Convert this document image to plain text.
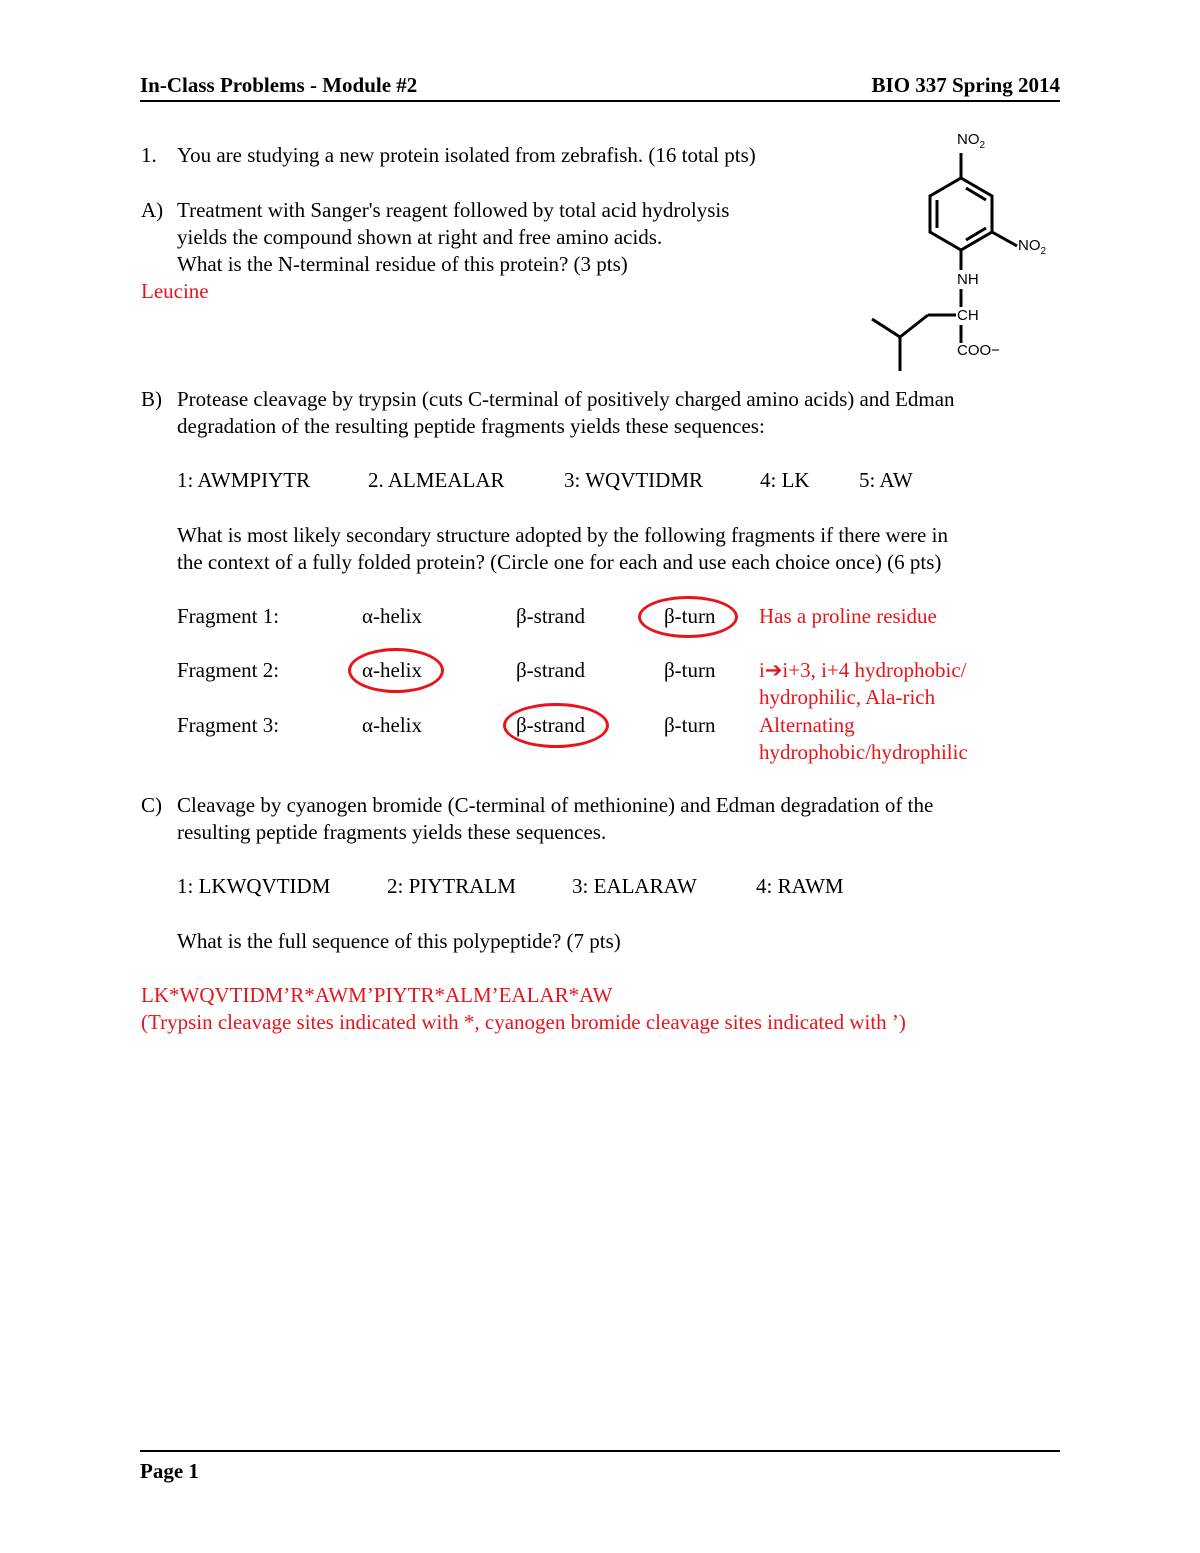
In-Class Problems - Module #2	BIO 337 Spring 2014
1. You are studying a new protein isolated from zebrafish. (16 total pts)
A) Treatment with Sanger's reagent followed by total acid hydrolysis
yields the compound shown at right and free amino acids.
What is the N-terminal residue of this protein? (3 pts)
Leucine
$NO_2$
$NO_2$
NH
CH
COO−
B) Protease cleavage by trypsin (cuts C-terminal of positively charged amino acids) and Edman
degradation of the resulting peptide fragments yields these sequences:
1: AWMPIYTR	2. ALMEALAR	3: WQVTIDMR	4: LK 5: AW
What is most likely secondary structure adopted by the following fragments if there were in
the context of a fully folded protein? (Circle one for each and use each choice once) (6 pts)
Fragment 1:	α-helix	β-strand	β-turn Has a proline residue
Fragment 2:	α-helix	β-strand	β-turn i➔i+3, i+4 hydrophobic/
hydrophilic, Ala-rich
Fragment 3:	α-helix	β-strand	β-turn Alternating
hydrophobic/hydrophilic
C) Cleavage by cyanogen bromide (C-terminal of methionine) and Edman degradation of the
resulting peptide fragments yields these sequences.
1: LKWQVTIDM	2: PIYTRALM	3: EALARAW	4: RAWM
What is the full sequence of this polypeptide? (7 pts)
LK*WQVTIDM’R*AWM’PIYTR*ALM’EALAR*AW
(Trypsin cleavage sites indicated with *, cyanogen bromide cleavage sites indicated with ’)
Page 1
